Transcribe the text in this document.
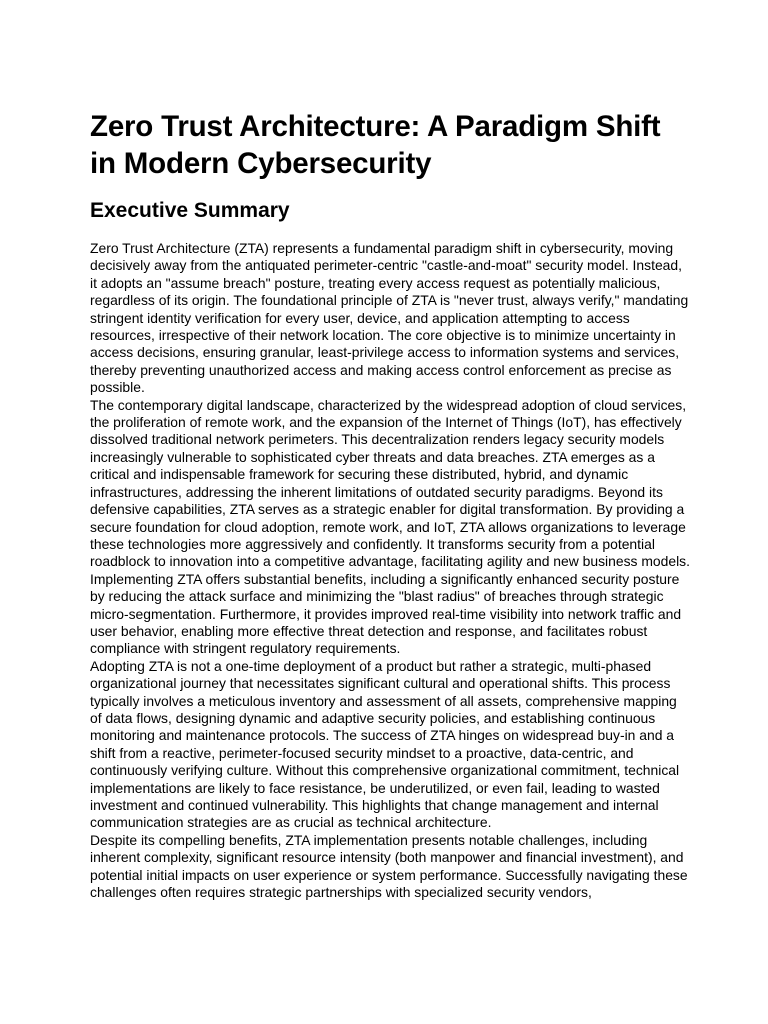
Zero Trust Architecture: A Paradigm Shift in Modern Cybersecurity
Executive Summary

Zero Trust Architecture (ZTA) represents a fundamental paradigm shift in cybersecurity, moving decisively away from the antiquated perimeter-centric "castle-and-moat" security model. Instead, it adopts an "assume breach" posture, treating every access request as potentially malicious, regardless of its origin. The foundational principle of ZTA is "never trust, always verify," mandating stringent identity verification for every user, device, and application attempting to access resources, irrespective of their network location. The core objective is to minimize uncertainty in access decisions, ensuring granular, least-privilege access to information systems and services, thereby preventing unauthorized access and making access control enforcement as precise as possible.

The contemporary digital landscape, characterized by the widespread adoption of cloud services, the proliferation of remote work, and the expansion of the Internet of Things (IoT), has effectively dissolved traditional network perimeters. This decentralization renders legacy security models increasingly vulnerable to sophisticated cyber threats and data breaches. ZTA emerges as a critical and indispensable framework for securing these distributed, hybrid, and dynamic infrastructures, addressing the inherent limitations of outdated security paradigms. Beyond its defensive capabilities, ZTA serves as a strategic enabler for digital transformation. By providing a secure foundation for cloud adoption, remote work, and IoT, ZTA allows organizations to leverage these technologies more aggressively and confidently. It transforms security from a potential roadblock to innovation into a competitive advantage, facilitating agility and new business models.

Implementing ZTA offers substantial benefits, including a significantly enhanced security posture by reducing the attack surface and minimizing the "blast radius" of breaches through strategic micro-segmentation. Furthermore, it provides improved real-time visibility into network traffic and user behavior, enabling more effective threat detection and response, and facilitates robust compliance with stringent regulatory requirements.

Adopting ZTA is not a one-time deployment of a product but rather a strategic, multi-phased organizational journey that necessitates significant cultural and operational shifts. This process typically involves a meticulous inventory and assessment of all assets, comprehensive mapping of data flows, designing dynamic and adaptive security policies, and establishing continuous monitoring and maintenance protocols. The success of ZTA hinges on widespread buy-in and a shift from a reactive, perimeter-focused security mindset to a proactive, data-centric, and continuously verifying culture. Without this comprehensive organizational commitment, technical implementations are likely to face resistance, be underutilized, or even fail, leading to wasted investment and continued vulnerability. This highlights that change management and internal communication strategies are as crucial as technical architecture.

Despite its compelling benefits, ZTA implementation presents notable challenges, including inherent complexity, significant resource intensity (both manpower and financial investment), and potential initial impacts on user experience or system performance. Successfully navigating these challenges often requires strategic partnerships with specialized security vendors,
